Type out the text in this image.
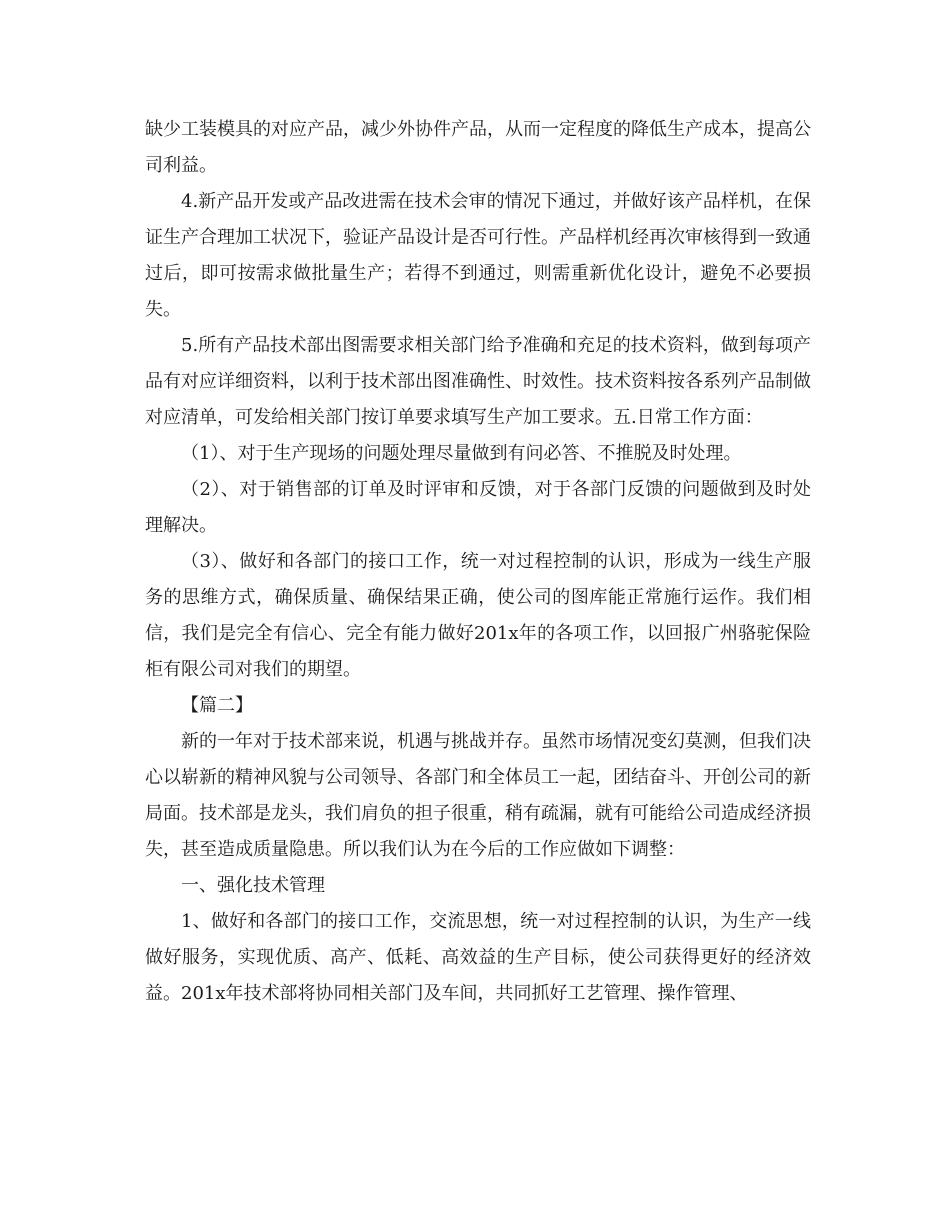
缺少工装模具的对应产品，减少外协件产品，从而一定程度的降低生产成本，提高公司利益。

4.新产品开发或产品改进需在技术会审的情况下通过，并做好该产品样机，在保证生产合理加工状况下，验证产品设计是否可行性。产品样机经再次审核得到一致通过后，即可按需求做批量生产；若得不到通过，则需重新优化设计，避免不必要损失。

5.所有产品技术部出图需要求相关部门给予准确和充足的技术资料，做到每项产品有对应详细资料，以利于技术部出图准确性、时效性。技术资料按各系列产品制做对应清单，可发给相关部门按订单要求填写生产加工要求。五.日常工作方面：

（1）、对于生产现场的问题处理尽量做到有问必答、不推脱及时处理。

（2）、对于销售部的订单及时评审和反馈，对于各部门反馈的问题做到及时处理解决。

（3）、做好和各部门的接口工作，统一对过程控制的认识，形成为一线生产服务的思维方式，确保质量、确保结果正确，使公司的图库能正常施行运作。我们相信，我们是完全有信心、完全有能力做好201x年的各项工作，以回报广州骆驼保险柜有限公司对我们的期望。

【篇二】

新的一年对于技术部来说，机遇与挑战并存。虽然市场情况变幻莫测，但我们决心以崭新的精神风貌与公司领导、各部门和全体员工一起，团结奋斗、开创公司的新局面。技术部是龙头，我们肩负的担子很重，稍有疏漏，就有可能给公司造成经济损失，甚至造成质量隐患。所以我们认为在今后的工作应做如下调整：

一、强化技术管理

1、做好和各部门的接口工作，交流思想，统一对过程控制的认识，为生产一线做好服务，实现优质、高产、低耗、高效益的生产目标，使公司获得更好的经济效益。201x年技术部将协同相关部门及车间，共同抓好工艺管理、操作管理、
